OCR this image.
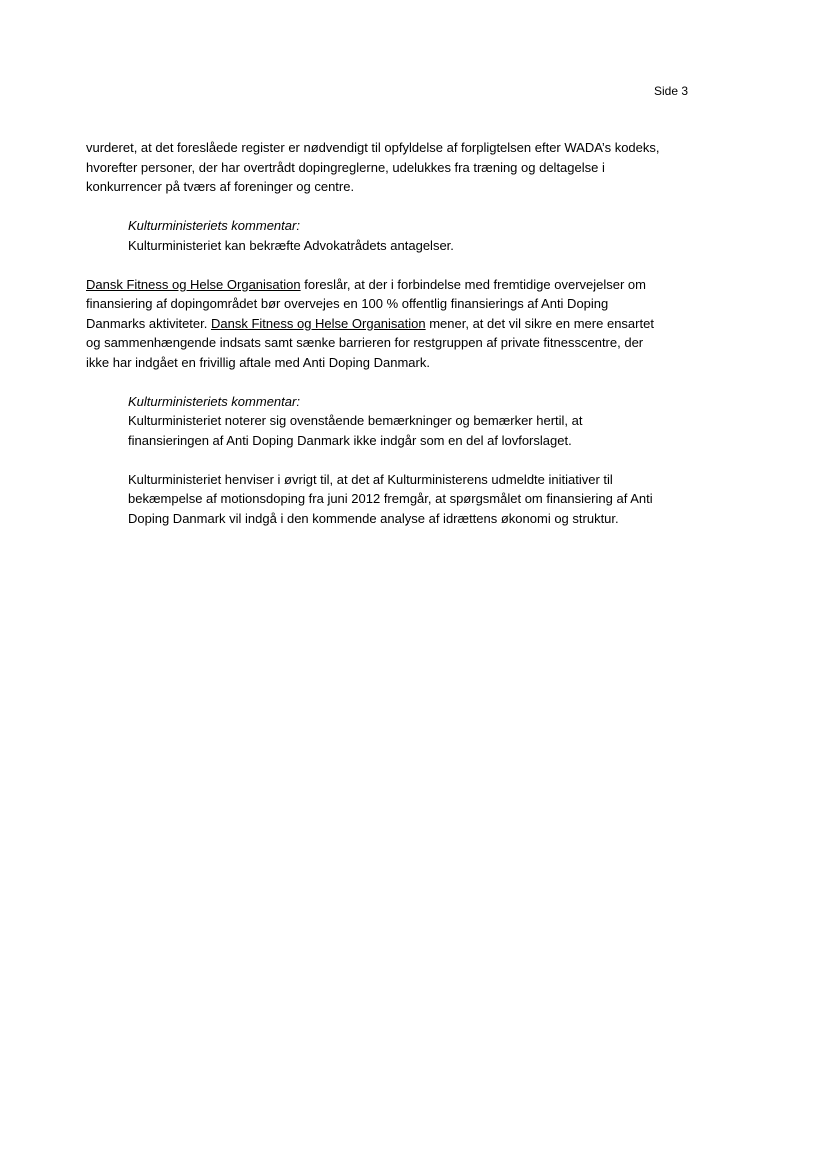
Side 3

vurderet, at det foreslåede register er nødvendigt til opfyldelse af forpligtelsen efter WADA’s kodeks, hvorefter personer, der har overtrådt dopingreglerne, udelukkes fra træning og deltagelse i konkurrencer på tværs af foreninger og centre.

Kulturministeriets kommentar:

Kulturministeriet kan bekræfte Advokatrådets antagelser.

Dansk Fitness og Helse Organisation foreslår, at der i forbindelse med fremtidige overvejelser om finansiering af dopingområdet bør overvejes en 100 % offentlig finansierings af Anti Doping Danmarks aktiviteter. Dansk Fitness og Helse Organisation mener, at det vil sikre en mere ensartet og sammenhængende indsats samt sænke barrieren for restgruppen af private fitnesscentre, der ikke har indgået en frivillig aftale med Anti Doping Danmark.

Kulturministeriets kommentar:

Kulturministeriet noterer sig ovenstående bemærkninger og bemærker hertil, at finansieringen af Anti Doping Danmark ikke indgår som en del af lovforslaget.

Kulturministeriet henviser i øvrigt til, at det af Kulturministerens udmeldte initiativer til bekæmpelse af motionsdoping fra juni 2012 fremgår, at spørgsmålet om finansiering af Anti Doping Danmark vil indgå i den kommende analyse af idrættens økonomi og struktur.
